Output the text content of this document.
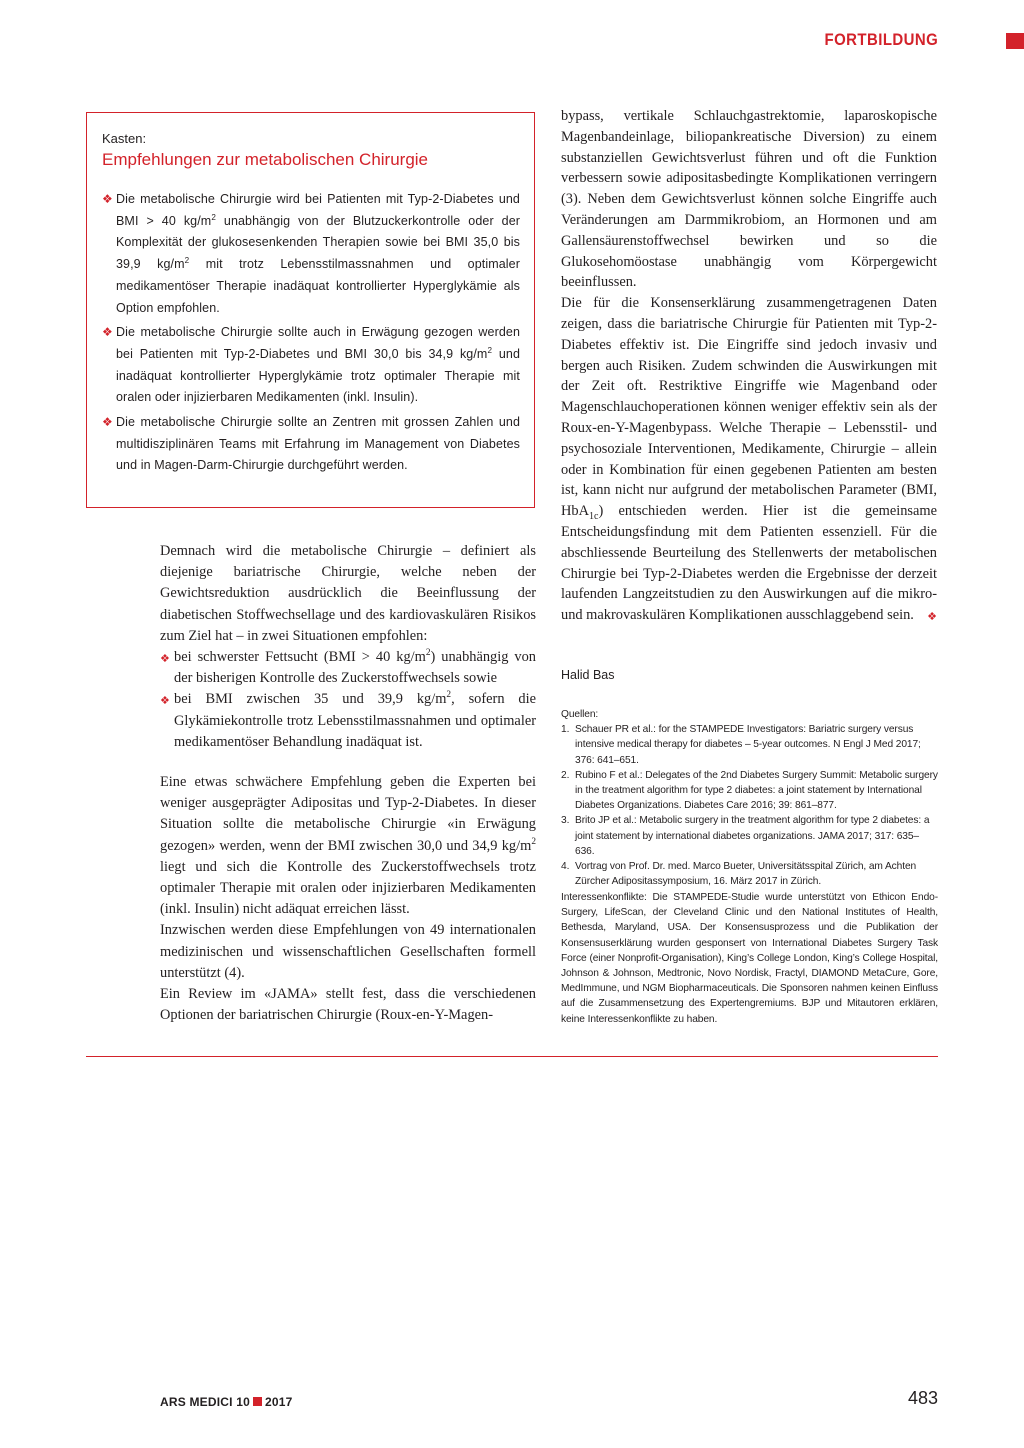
FORTBILDUNG
Kasten:
Empfehlungen zur metabolischen Chirurgie
❖ Die metabolische Chirurgie wird bei Patienten mit Typ-2-Diabetes und BMI > 40 $kg/m^2$ unabhängig von der Blutzuckerkontrolle oder der Komplexität der glukosesenkenden Therapien sowie bei BMI 35,0 bis 39,9 $kg/m^2$ mit trotz Lebensstilmassnahmen und optimaler medikamentöser Therapie inadäquat kontrollierter Hyperglykämie als Option empfohlen.
❖ Die metabolische Chirurgie sollte auch in Erwägung gezogen werden bei Patienten mit Typ-2-Diabetes und BMI 30,0 bis 34,9 $kg/m^2$ und inadäquat kontrollierter Hyperglykämie trotz optimaler Therapie mit oralen oder injizierbaren Medikamenten (inkl. Insulin).
❖ Die metabolische Chirurgie sollte an Zentren mit grossen Zahlen und multidisziplinären Teams mit Erfahrung im Management von Diabetes und in Magen-Darm-Chirurgie durchgeführt werden.

Demnach wird die metabolische Chirurgie – definiert als diejenige bariatrische Chirurgie, welche neben der Gewichtsreduktion ausdrücklich die Beeinflussung der diabetischen Stoffwechsellage und des kardiovaskulären Risikos zum Ziel hat – in zwei Situationen empfohlen:

❖ bei schwerster Fettsucht (BMI > 40 $kg/m^2$) unabhängig von der bisherigen Kontrolle des Zuckerstoffwechsels sowie
❖ bei BMI zwischen 35 und 39,9 $kg/m^2$, sofern die Glykämiekontrolle trotz Lebensstilmassnahmen und optimaler medikamentöser Behandlung inadäquat ist.

Eine etwas schwächere Empfehlung geben die Experten bei weniger ausgeprägter Adipositas und Typ-2-Diabetes. In dieser Situation sollte die metabolische Chirurgie «in Erwägung gezogen» werden, wenn der BMI zwischen 30,0 und 34,9 $kg/m^2$ liegt und sich die Kontrolle des Zuckerstoffwechsels trotz optimaler Therapie mit oralen oder injizierbaren Medikamenten (inkl. Insulin) nicht adäquat erreichen lässt.

Inzwischen werden diese Empfehlungen von 49 internationalen medizinischen und wissenschaftlichen Gesellschaften formell unterstützt (4).

Ein Review im «JAMA» stellt fest, dass die verschiedenen Optionen der bariatrischen Chirurgie (Roux-en-Y-Magen-

bypass, vertikale Schlauchgastrektomie, laparoskopische Magenbandeinlage, biliopankreatische Diversion) zu einem substanziellen Gewichtsverlust führen und oft die Funktion verbessern sowie adipositasbedingte Komplikationen verringern (3). Neben dem Gewichtsverlust können solche Eingriffe auch Veränderungen am Darmmikrobiom, an Hormonen und am Gallensäurenstoffwechsel bewirken und so die Glukosehomöostase unabhängig vom Körpergewicht beeinflussen.

Die für die Konsenserklärung zusammengetragenen Daten zeigen, dass die bariatrische Chirurgie für Patienten mit Typ-2-Diabetes effektiv ist. Die Eingriffe sind jedoch invasiv und bergen auch Risiken. Zudem schwinden die Auswirkungen mit der Zeit oft. Restriktive Eingriffe wie Magenband oder Magenschlauchoperationen können weniger effektiv sein als der Roux-en-Y-Magenbypass. Welche Therapie – Lebensstil- und psychosoziale Interventionen, Medikamente, Chirurgie – allein oder in Kombination für einen gegebenen Patienten am besten ist, kann nicht nur aufgrund der metabolischen Parameter (BMI, HbA$_{1c}$) entschieden werden. Hier ist die gemeinsame Entscheidungsfindung mit dem Patienten essenziell. Für die abschliessende Beurteilung des Stellenwerts der metabolischen Chirurgie bei Typ-2-Diabetes werden die Ergebnisse der derzeit laufenden Langzeitstudien zu den Auswirkungen auf die mikro- und makrovaskulären Komplikationen ausschlaggebend sein. ❖

Halid Bas

Quellen:

1. Schauer PR et al.: for the STAMPEDE Investigators: Bariatric surgery versus intensive medical therapy for diabetes – 5-year outcomes. N Engl J Med 2017; 376: 641–651.
2. Rubino F et al.: Delegates of the 2nd Diabetes Surgery Summit: Metabolic surgery in the treatment algorithm for type 2 diabetes: a joint statement by International Diabetes Organizations. Diabetes Care 2016; 39: 861–877.
3. Brito JP et al.: Metabolic surgery in the treatment algorithm for type 2 diabetes: a joint statement by international diabetes organizations. JAMA 2017; 317: 635–636.
4. Vortrag von Prof. Dr. med. Marco Bueter, Universitätsspital Zürich, am Achten Zürcher Adipositassymposium, 16. März 2017 in Zürich.
Interessenkonflikte: Die STAMPEDE-Studie wurde unterstützt von Ethicon Endo-Surgery, LifeScan, der Cleveland Clinic und den National Institutes of Health, Bethesda, Maryland, USA. Der Konsensusprozess und die Publikation der Konsensuserklärung wurden gesponsert von International Diabetes Surgery Task Force (einer Nonprofit-Organisation), King’s College London, King’s College Hospital, Johnson & Johnson, Medtronic, Novo Nordisk, Fractyl, DIAMOND MetaCure, Gore, MedImmune, und NGM Biopharmaceuticals. Die Sponsoren nahmen keinen Einfluss auf die Zusammensetzung des Expertengremiums. BJP und Mitautoren erklären, keine Interessenkonflikte zu haben.
ARS MEDICI 10 2017	483
